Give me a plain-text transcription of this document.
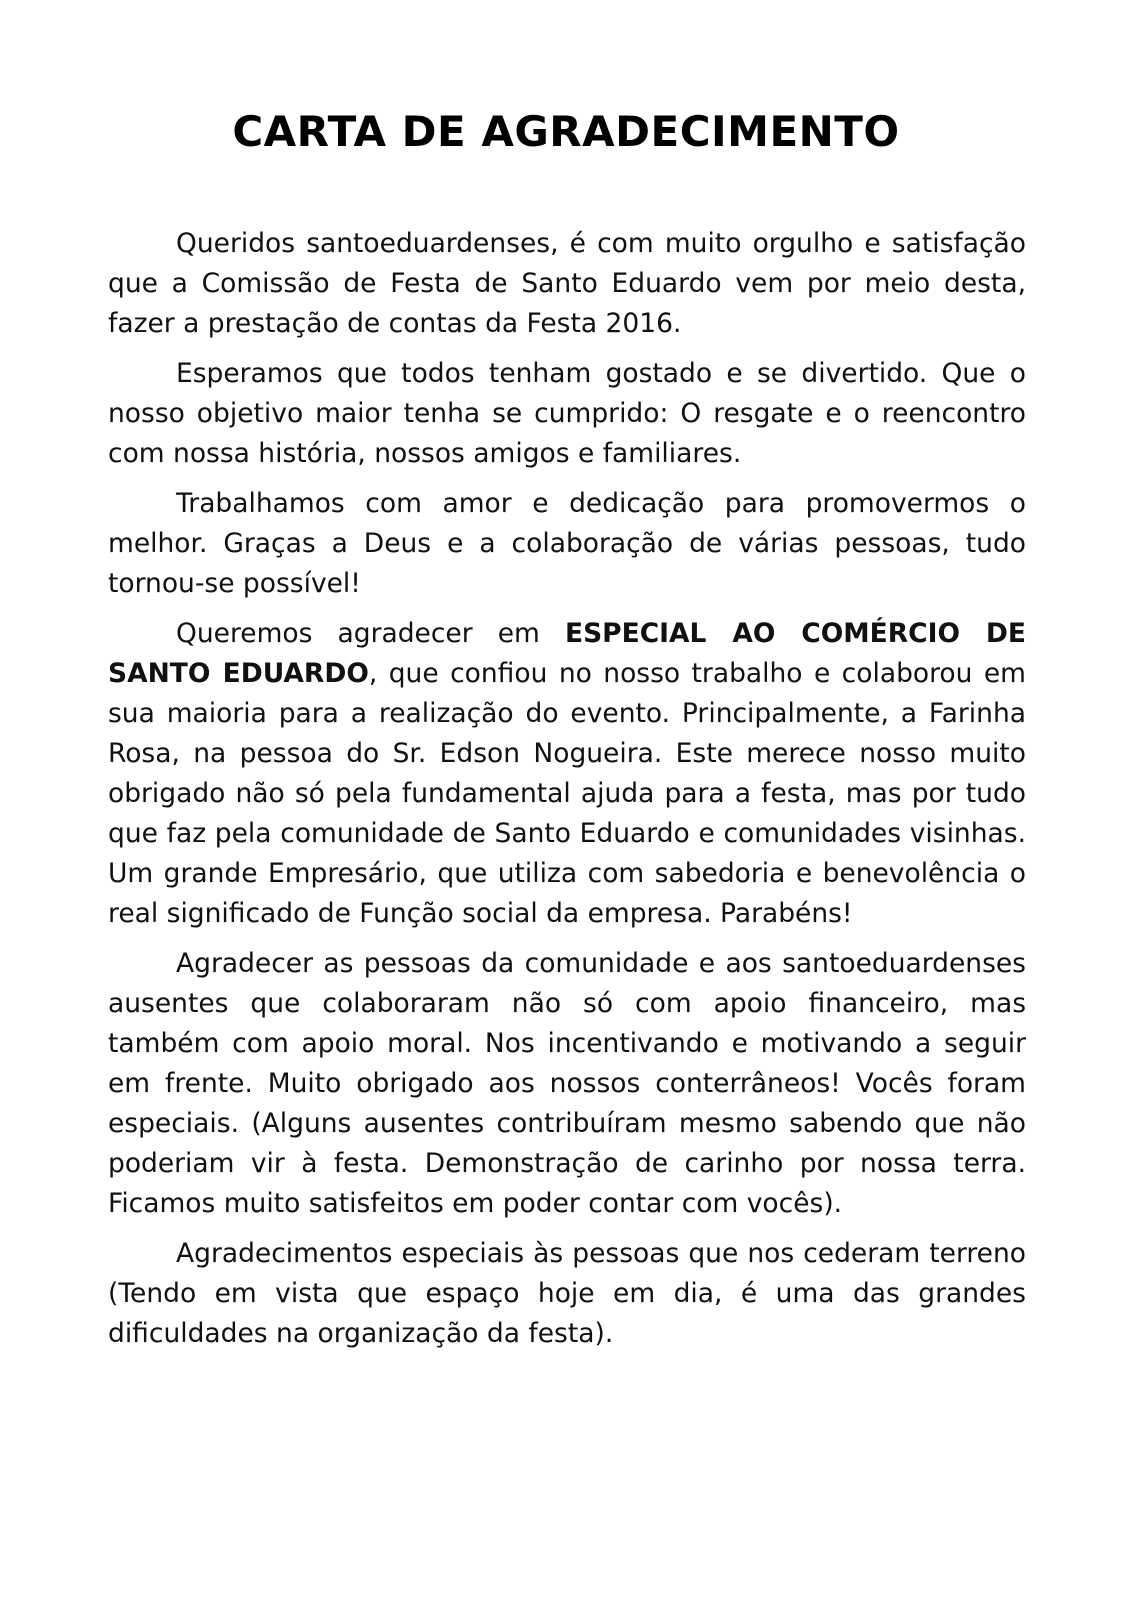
CARTA DE AGRADECIMENTO

Queridos santoeduardenses, é com muito orgulho e satisfação que a Comissão de Festa de Santo Eduardo vem por meio desta, fazer a prestação de contas da Festa 2016.

Esperamos que todos tenham gostado e se divertido. Que o nosso objetivo maior tenha se cumprido: O resgate e o reencontro com nossa história, nossos amigos e familiares.

Trabalhamos com amor e dedicação para promovermos o melhor. Graças a Deus e a colaboração de várias pessoas, tudo tornou-se possível!

Queremos agradecer em ESPECIAL AO COMÉRCIO DE SANTO EDUARDO, que confiou no nosso trabalho e colaborou em sua maioria para a realização do evento. Principalmente, a Farinha Rosa, na pessoa do Sr. Edson Nogueira. Este merece nosso muito obrigado não só pela fundamental ajuda para a festa, mas por tudo que faz pela comunidade de Santo Eduardo e comunidades visinhas. Um grande Empresário, que utiliza com sabedoria e benevolência o real significado de Função social da empresa. Parabéns!

Agradecer as pessoas da comunidade e aos santoeduardenses ausentes que colaboraram não só com apoio financeiro, mas também com apoio moral. Nos incentivando e motivando a seguir em frente. Muito obrigado aos nossos conterrâneos! Vocês foram especiais. (Alguns ausentes contribuíram mesmo sabendo que não poderiam vir à festa. Demonstração de carinho por nossa terra. Ficamos muito satisfeitos em poder contar com vocês).

Agradecimentos especiais às pessoas que nos cederam terreno (Tendo em vista que espaço hoje em dia, é uma das grandes dificuldades na organização da festa).
